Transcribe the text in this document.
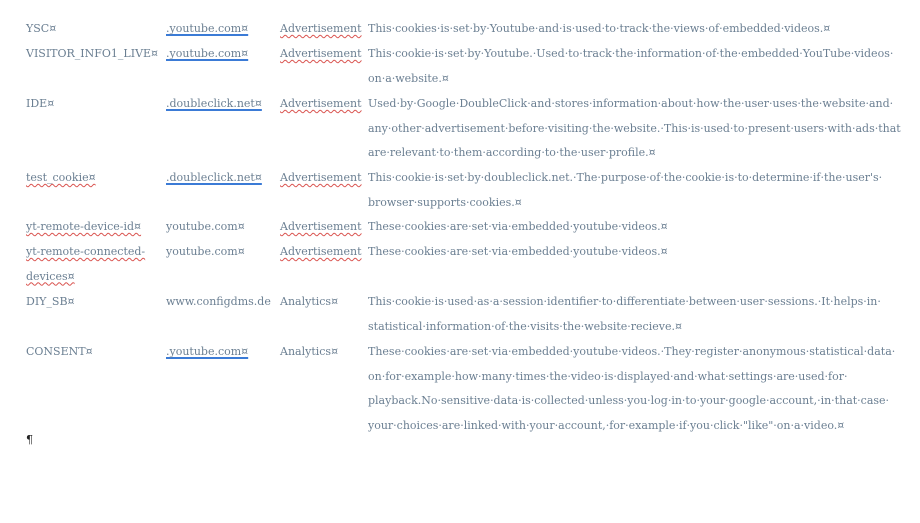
YSC¤	.youtube.com¤	Advertisement This·cookies·is·set·by·Youtube·and·is·used·to·track·the·views·of·embedded·videos.¤
VISITOR_INFO1_LIVE¤ .youtube.com¤	Advertisement This·cookie·is·set·by·Youtube.·Used·to·track·the·information·of·the·embedded·YouTube·videos·
on·a·website.¤
IDE¤	.doubleclick.net¤	Advertisement Used·by·Google·DoubleClick·and·stores·information·about·how·the·user·uses·the·website·and·
any·other·advertisement·before·visiting·the·website.·This·is·used·to·present·users·with·ads·that
are·relevant·to·them·according·to·the·user·profile.¤
test_cookie¤	.doubleclick.net¤	Advertisement This·cookie·is·set·by·doubleclick.net.·The·purpose·of·the·cookie·is·to·determine·if·the·user's·
browser·supports·cookies.¤
yt-remote-device-id¤	youtube.com¤	Advertisement These·cookies·are·set·via·embedded·youtube·videos.¤
yt-remote-connected-
devices¤
youtube.com¤	Advertisement These·cookies·are·set·via·embedded·youtube·videos.¤
DIY_SB¤	www.configdms.de Analytics¤	This·cookie·is·used·as·a·session·identifier·to·differentiate·between·user·sessions.·It·helps·in·
statistical·information·of·the·visits·the·website·recieve.¤
CONSENT¤	.youtube.com¤	Analytics¤	These·cookies·are·set·via·embedded·youtube·videos.·They·register·anonymous·statistical·data·
on·for·example·how·many·times·the·video·is·displayed·and·what·settings·are·used·for·
playback.No·sensitive·data·is·collected·unless·you·log·in·to·your·google·account,·in·that·case·
your·choices·are·linked·with·your·account,·for·example·if·you·click·"like"·on·a·video.¤
¶
